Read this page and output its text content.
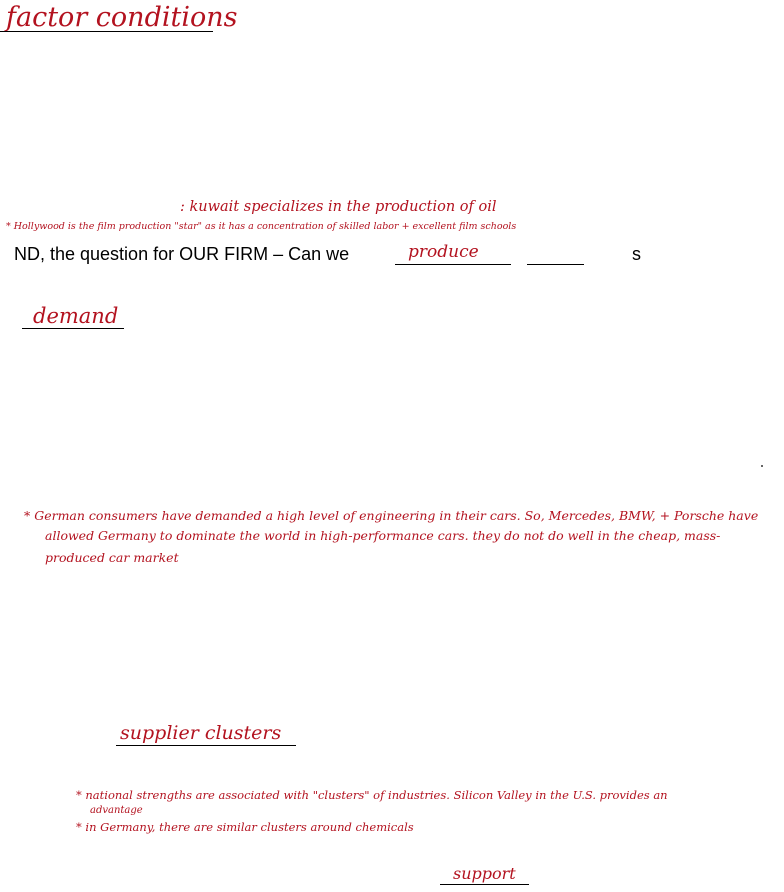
factor conditions
: kuwait specializes in the production of oil
* Hollywood is the film production "star" as it has a concentration of skilled labor + excellent film schools
ND, the question for OUR FIRM – Can we	produce	s
demand
* German consumers have demanded a high level of engineering in their cars. So, Mercedes, BMW, + Porsche have
allowed Germany to dominate the world in high-performance cars. they do not do well in the cheap, mass-
produced car market
supplier clusters
* national strengths are associated with "clusters" of industries. Silicon Valley in the U.S. provides an
advantage
* in Germany, there are similar clusters around chemicals
support
